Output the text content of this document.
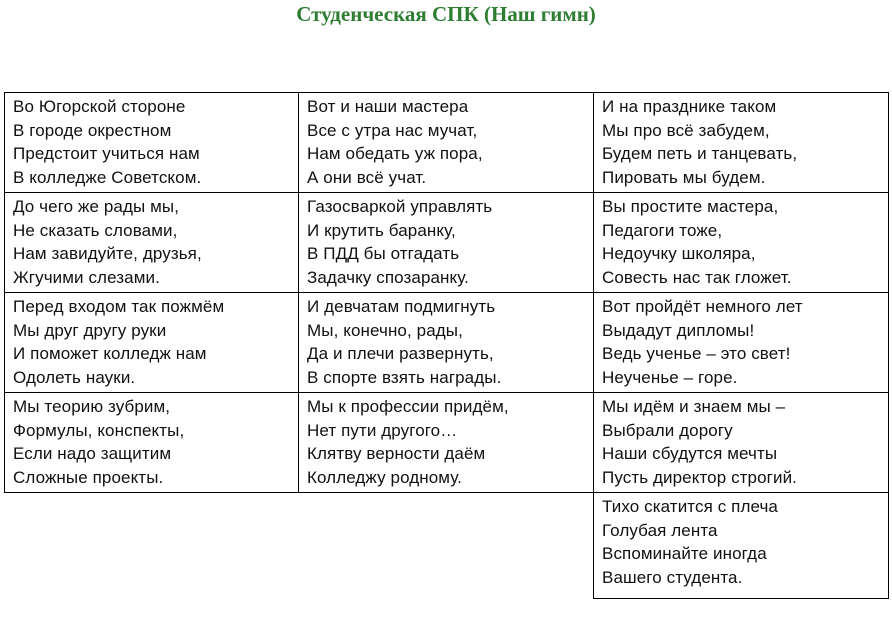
Студенческая СПК (Наш гимн)
Во Югорской стороне
В городе окрестном
Предстоит учиться нам
В колледже Советском.	Вот и наши мастера
Все с утра нас мучат,
Нам обедать уж пора,
А они всё учат.	И на празднике таком
Мы про всё забудем,
Будем петь и танцевать,
Пировать мы будем.

До чего же рады мы,
Не сказать словами,
Нам завидуйте, друзья,
Жгучими слезами.	Газосваркой управлять
И крутить баранку,
В ПДД бы отгадать
Задачку спозаранку.	Вы простите мастера,
Педагоги тоже,
Недоучку школяра,
Совесть нас так гложет.

Перед входом так пожмём
Мы друг другу руки
И поможет колледж нам
Одолеть науки.	И девчатам подмигнуть
Мы, конечно, рады,
Да и плечи развернуть,
В спорте взять награды.	Вот пройдёт немного лет
Выдадут дипломы!
Ведь ученье – это свет!
Неученье – горе.

Мы теорию зубрим,
Формулы, конспекты,
Если надо защитим
Сложные проекты.	Мы к профессии придём,
Нет пути другого…
Клятву верности даём
Колледжу родному.	Мы идём и знаем мы –
Выбрали дорогу
Наши сбудутся мечты
Пусть директор строгий.

		Тихо скатится с плеча
Голубая лента
Вспоминайте иногда
Вашего студента.
